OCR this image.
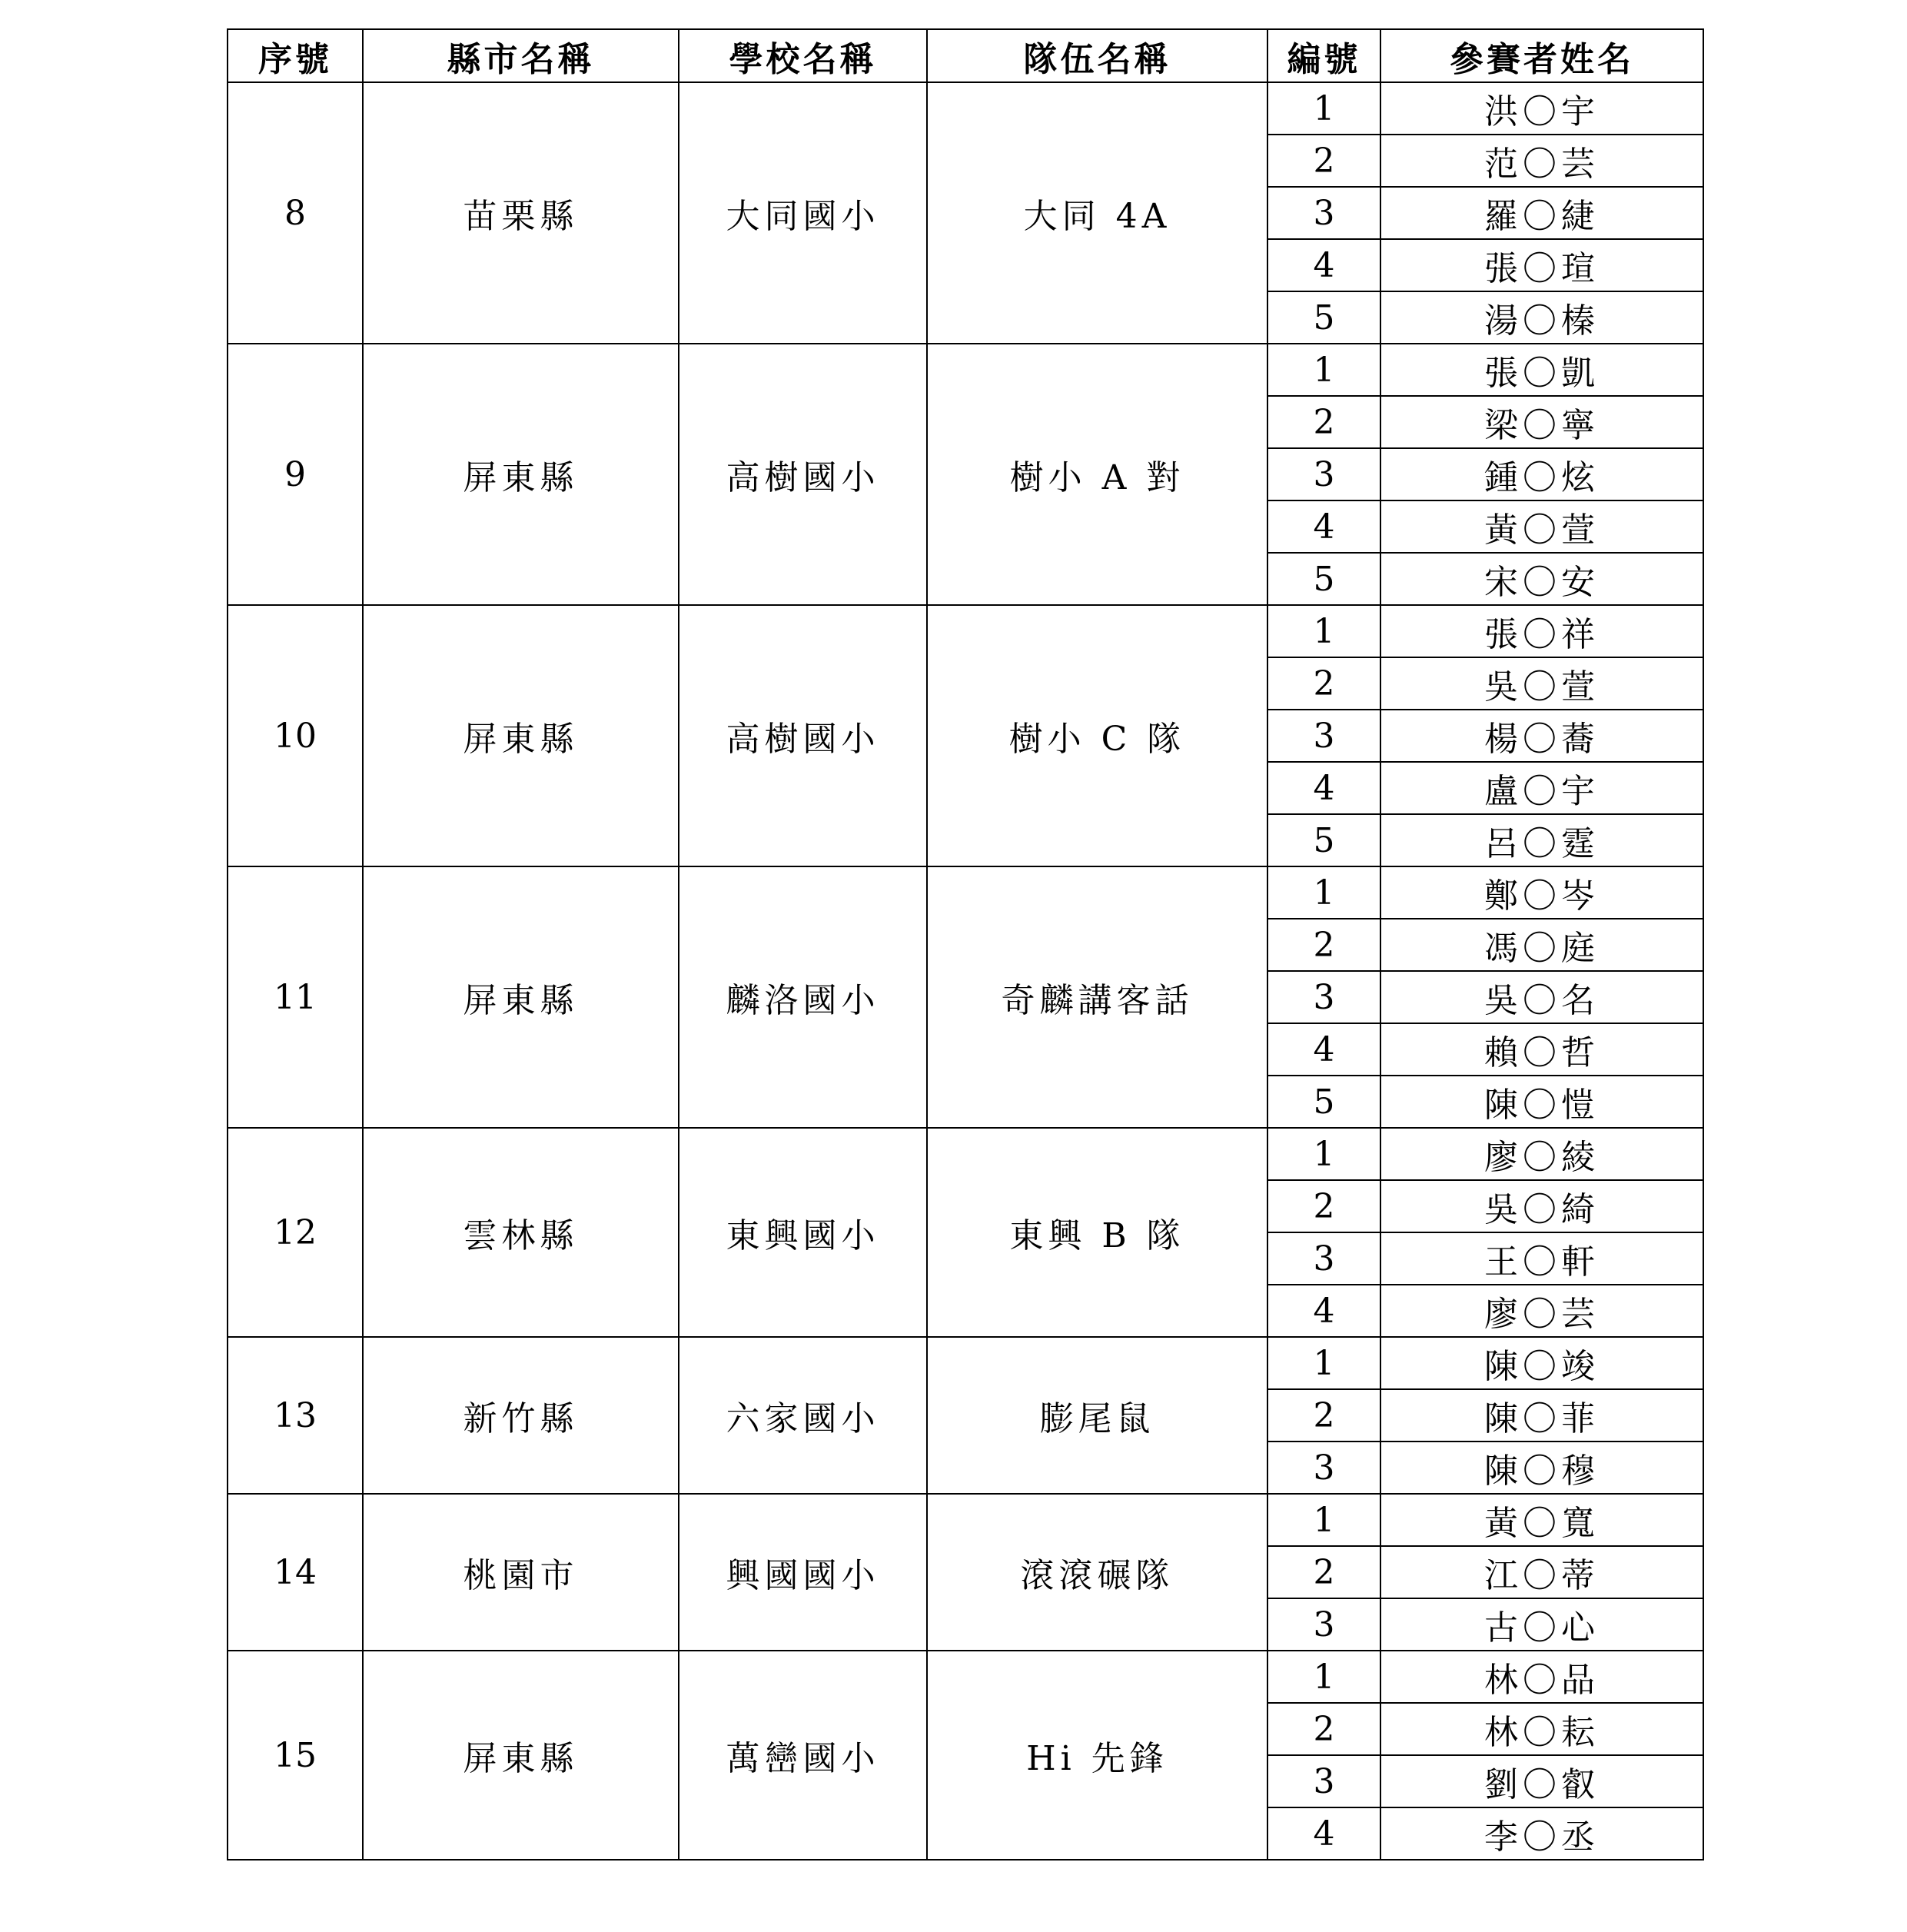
序號	縣市名稱	學校名稱	隊伍名稱	編號	參賽者姓名
8	苗栗縣	大同國小	大同 4A	1	洪〇宇
				2	范〇芸
				3	羅〇緁
				4	張〇瑄
				5	湯〇榛
9	屏東縣	高樹國小	樹小 A 對	1	張〇凱
				2	梁〇寧
				3	鍾〇炫
				4	黃〇萱
				5	宋〇安
10	屏東縣	高樹國小	樹小 C 隊	1	張〇祥
				2	吳〇萱
				3	楊〇蕎
				4	盧〇宇
				5	呂〇霆
11	屏東縣	麟洛國小	奇麟講客話	1	鄭〇岑
				2	馮〇庭
				3	吳〇名
				4	賴〇哲
				5	陳〇愷
12	雲林縣	東興國小	東興 B 隊	1	廖〇綾
				2	吳〇綺
				3	王〇軒
				4	廖〇芸
13	新竹縣	六家國小	膨尾鼠	1	陳〇竣
				2	陳〇菲
				3	陳〇穆
14	桃園市	興國國小	滾滾碾隊	1	黃〇寬
				2	江〇蒂
				3	古〇心
15	屏東縣	萬巒國小	Hi 先鋒	1	林〇品
				2	林〇耘
				3	劉〇叡
				4	李〇丞
